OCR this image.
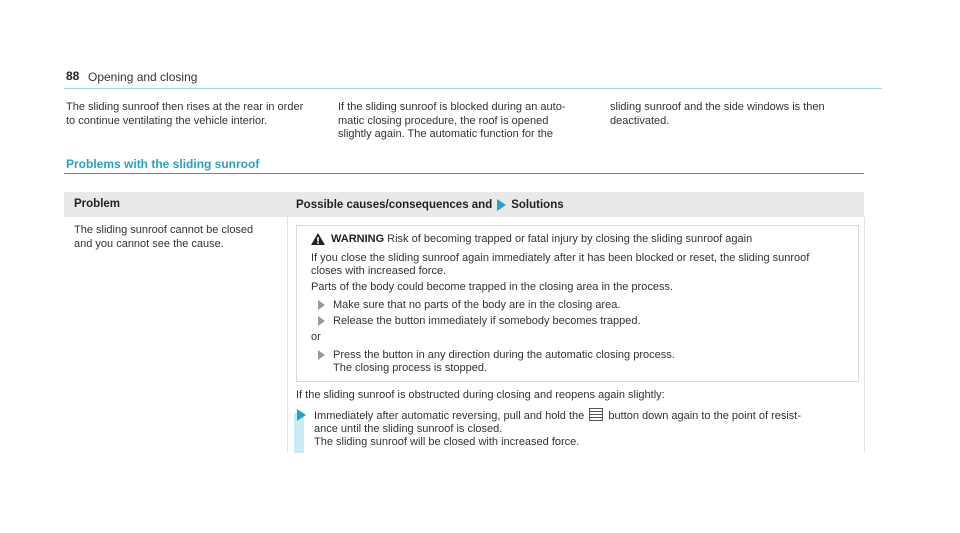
88 Opening and closing
The sliding sunroof then rises at the rear in order
to continue ventilating the vehicle interior.
If the sliding sunroof is blocked during an auto-
matic closing procedure, the roof is opened
slightly again. The automatic function for the
sliding sunroof and the side windows is then
deactivated.
Problems with the sliding sunroof
Problem	Possible causes/consequences and Solutions
The sliding sunroof cannot be closed
and you cannot see the cause.	WARNING Risk of becoming trapped or fatal injury by closing the sliding sunroof again
If you close the sliding sunroof again immediately after it has been blocked or reset, the sliding sunroof
closes with increased force.
Parts of the body could become trapped in the closing area in the process.
Make sure that no parts of the body are in the closing area.
Release the button immediately if somebody becomes trapped.
or
Press the button in any direction during the automatic closing process.
The closing process is stopped.
If the sliding sunroof is obstructed during closing and reopens again slightly:
Immediately after automatic reversing, pull and hold the button down again to the point of resist-
ance until the sliding sunroof is closed.
The sliding sunroof will be closed with increased force.
